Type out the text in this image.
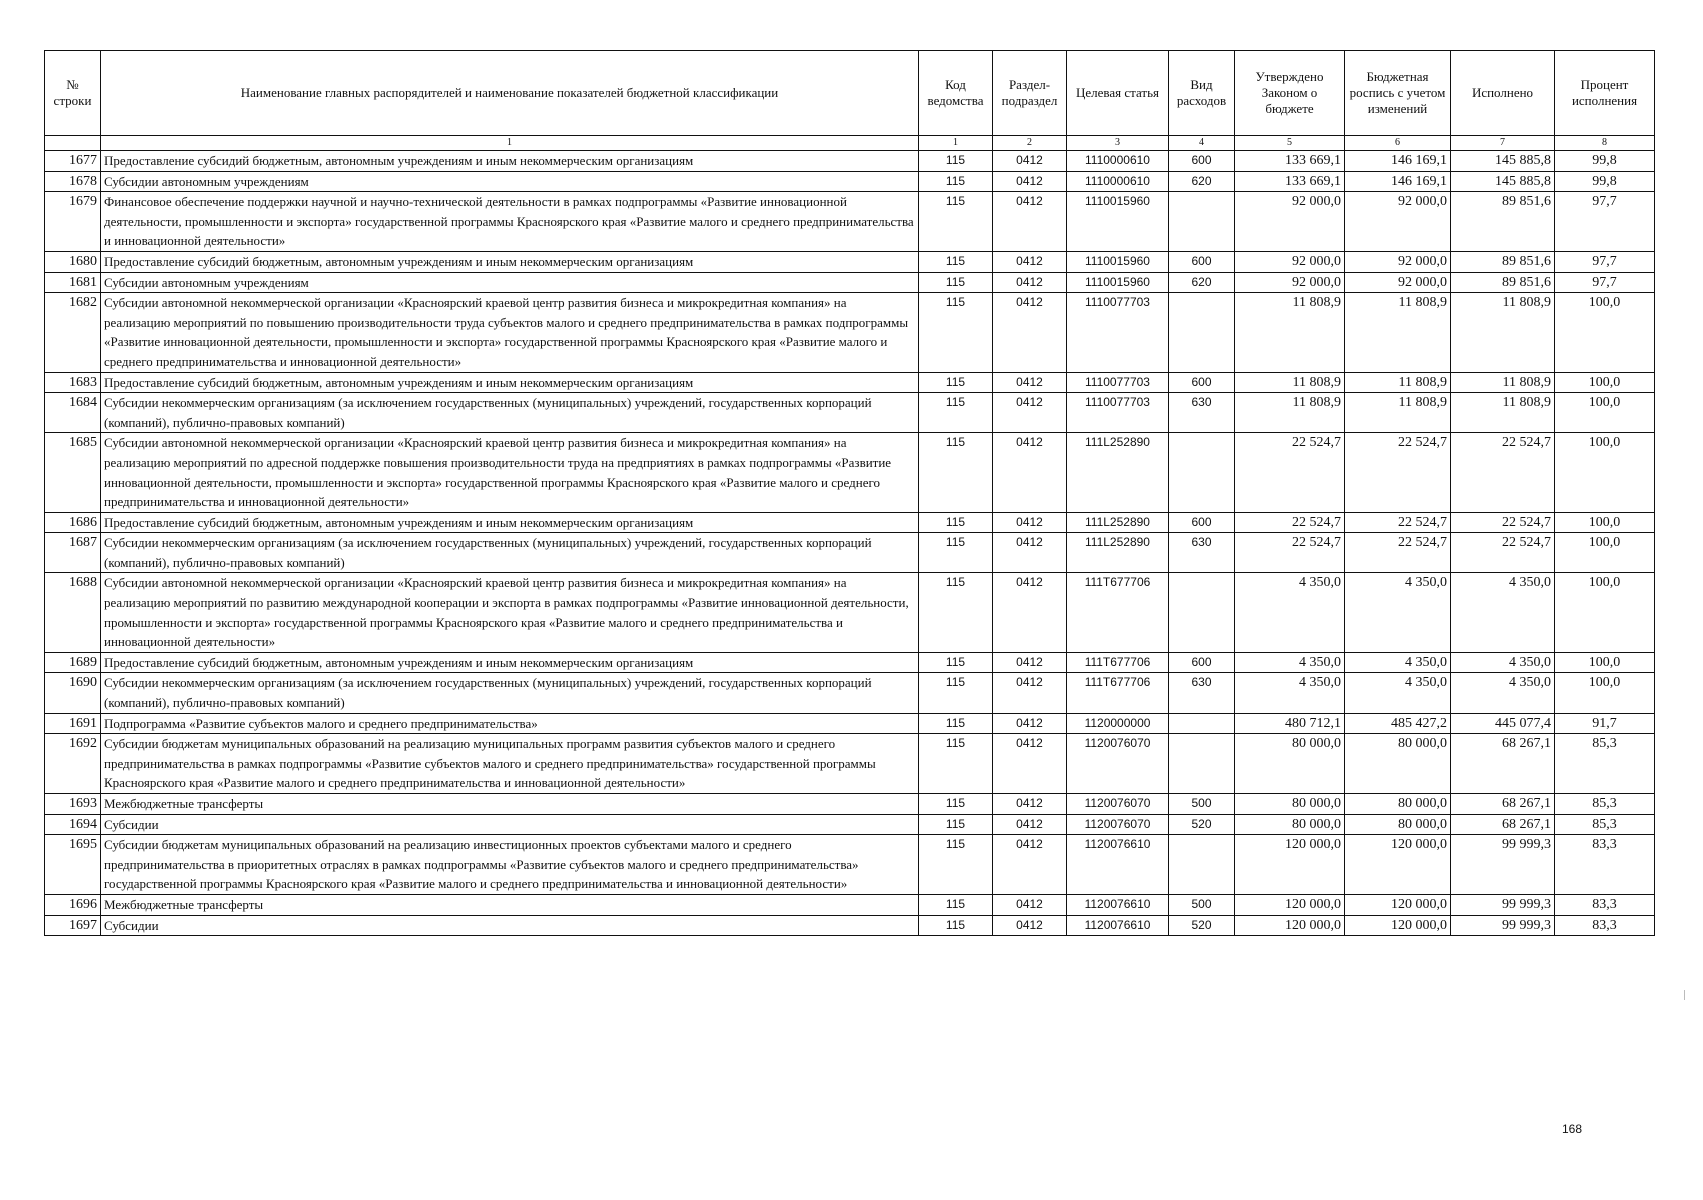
№ строки	Наименование главных распорядителей и наименование показателей бюджетной классификации	Код ведомства	Раздел-подраздел	Целевая статья	Вид расходов	Утверждено Законом о бюджете	Бюджетная роспись с учетом изменений	Исполнено	Процент исполнения
	1	1	2	3	4	5	6	7	8
1677	Предоставление субсидий бюджетным, автономным учреждениям и иным некоммерческим организациям	115	0412	1110000610	600	133 669,1	146 169,1	145 885,8	99,8
1678	Субсидии автономным учреждениям	115	0412	1110000610	620	133 669,1	146 169,1	145 885,8	99,8
1679	Финансовое обеспечение поддержки научной и научно-технической деятельности в рамках подпрограммы «Развитие инновационной деятельности, промышленности и экспорта» государственной программы Красноярского края «Развитие малого и среднего предпринимательства и инновационной деятельности»	115	0412	1110015960		92 000,0	92 000,0	89 851,6	97,7
1680	Предоставление субсидий бюджетным, автономным учреждениям и иным некоммерческим организациям	115	0412	1110015960	600	92 000,0	92 000,0	89 851,6	97,7
1681	Субсидии автономным учреждениям	115	0412	1110015960	620	92 000,0	92 000,0	89 851,6	97,7
1682	Субсидии автономной некоммерческой организации «Красноярский краевой центр развития бизнеса и микрокредитная компания» на реализацию мероприятий по повышению производительности труда субъектов малого и среднего предпринимательства в рамках подпрограммы «Развитие инновационной деятельности, промышленности и экспорта» государственной программы Красноярского края «Развитие малого и среднего предпринимательства и инновационной деятельности»	115	0412	1110077703		11 808,9	11 808,9	11 808,9	100,0
1683	Предоставление субсидий бюджетным, автономным учреждениям и иным некоммерческим организациям	115	0412	1110077703	600	11 808,9	11 808,9	11 808,9	100,0
1684	Субсидии некоммерческим организациям (за исключением государственных (муниципальных) учреждений, государственных корпораций (компаний), публично-правовых компаний)	115	0412	1110077703	630	11 808,9	11 808,9	11 808,9	100,0
1685	Субсидии автономной некоммерческой организации «Красноярский краевой центр развития бизнеса и микрокредитная компания» на реализацию мероприятий по адресной поддержке повышения производительности труда на предприятиях в рамках подпрограммы «Развитие инновационной деятельности, промышленности и экспорта» государственной программы Красноярского края «Развитие малого и среднего предпринимательства и инновационной деятельности»	115	0412	111L252890		22 524,7	22 524,7	22 524,7	100,0
1686	Предоставление субсидий бюджетным, автономным учреждениям и иным некоммерческим организациям	115	0412	111L252890	600	22 524,7	22 524,7	22 524,7	100,0
1687	Субсидии некоммерческим организациям (за исключением государственных (муниципальных) учреждений, государственных корпораций (компаний), публично-правовых компаний)	115	0412	111L252890	630	22 524,7	22 524,7	22 524,7	100,0
1688	Субсидии автономной некоммерческой организации «Красноярский краевой центр развития бизнеса и микрокредитная компания» на реализацию мероприятий по развитию международной кооперации и экспорта в рамках подпрограммы «Развитие инновационной деятельности, промышленности и экспорта» государственной программы Красноярского края «Развитие малого и среднего предпринимательства и инновационной деятельности»	115	0412	111T677706		4 350,0	4 350,0	4 350,0	100,0
1689	Предоставление субсидий бюджетным, автономным учреждениям и иным некоммерческим организациям	115	0412	111T677706	600	4 350,0	4 350,0	4 350,0	100,0
1690	Субсидии некоммерческим организациям (за исключением государственных (муниципальных) учреждений, государственных корпораций (компаний), публично-правовых компаний)	115	0412	111T677706	630	4 350,0	4 350,0	4 350,0	100,0
1691	Подпрограмма «Развитие субъектов малого и среднего предпринимательства»	115	0412	1120000000		480 712,1	485 427,2	445 077,4	91,7
1692	Субсидии бюджетам муниципальных образований на реализацию муниципальных программ развития субъектов малого и среднего предпринимательства в рамках подпрограммы «Развитие субъектов малого и среднего предпринимательства» государственной программы Красноярского края «Развитие малого и среднего предпринимательства и инновационной деятельности»	115	0412	1120076070		80 000,0	80 000,0	68 267,1	85,3
1693	Межбюджетные трансферты	115	0412	1120076070	500	80 000,0	80 000,0	68 267,1	85,3
1694	Субсидии	115	0412	1120076070	520	80 000,0	80 000,0	68 267,1	85,3
1695	Субсидии бюджетам муниципальных образований на реализацию инвестиционных проектов субъектами малого и среднего предпринимательства в приоритетных отраслях в рамках подпрограммы «Развитие субъектов малого и среднего предпринимательства» государственной программы Красноярского края «Развитие малого и среднего предпринимательства и инновационной деятельности»	115	0412	1120076610		120 000,0	120 000,0	99 999,3	83,3
1696	Межбюджетные трансферты	115	0412	1120076610	500	120 000,0	120 000,0	99 999,3	83,3
1697	Субсидии	115	0412	1120076610	520	120 000,0	120 000,0	99 999,3	83,3
168
